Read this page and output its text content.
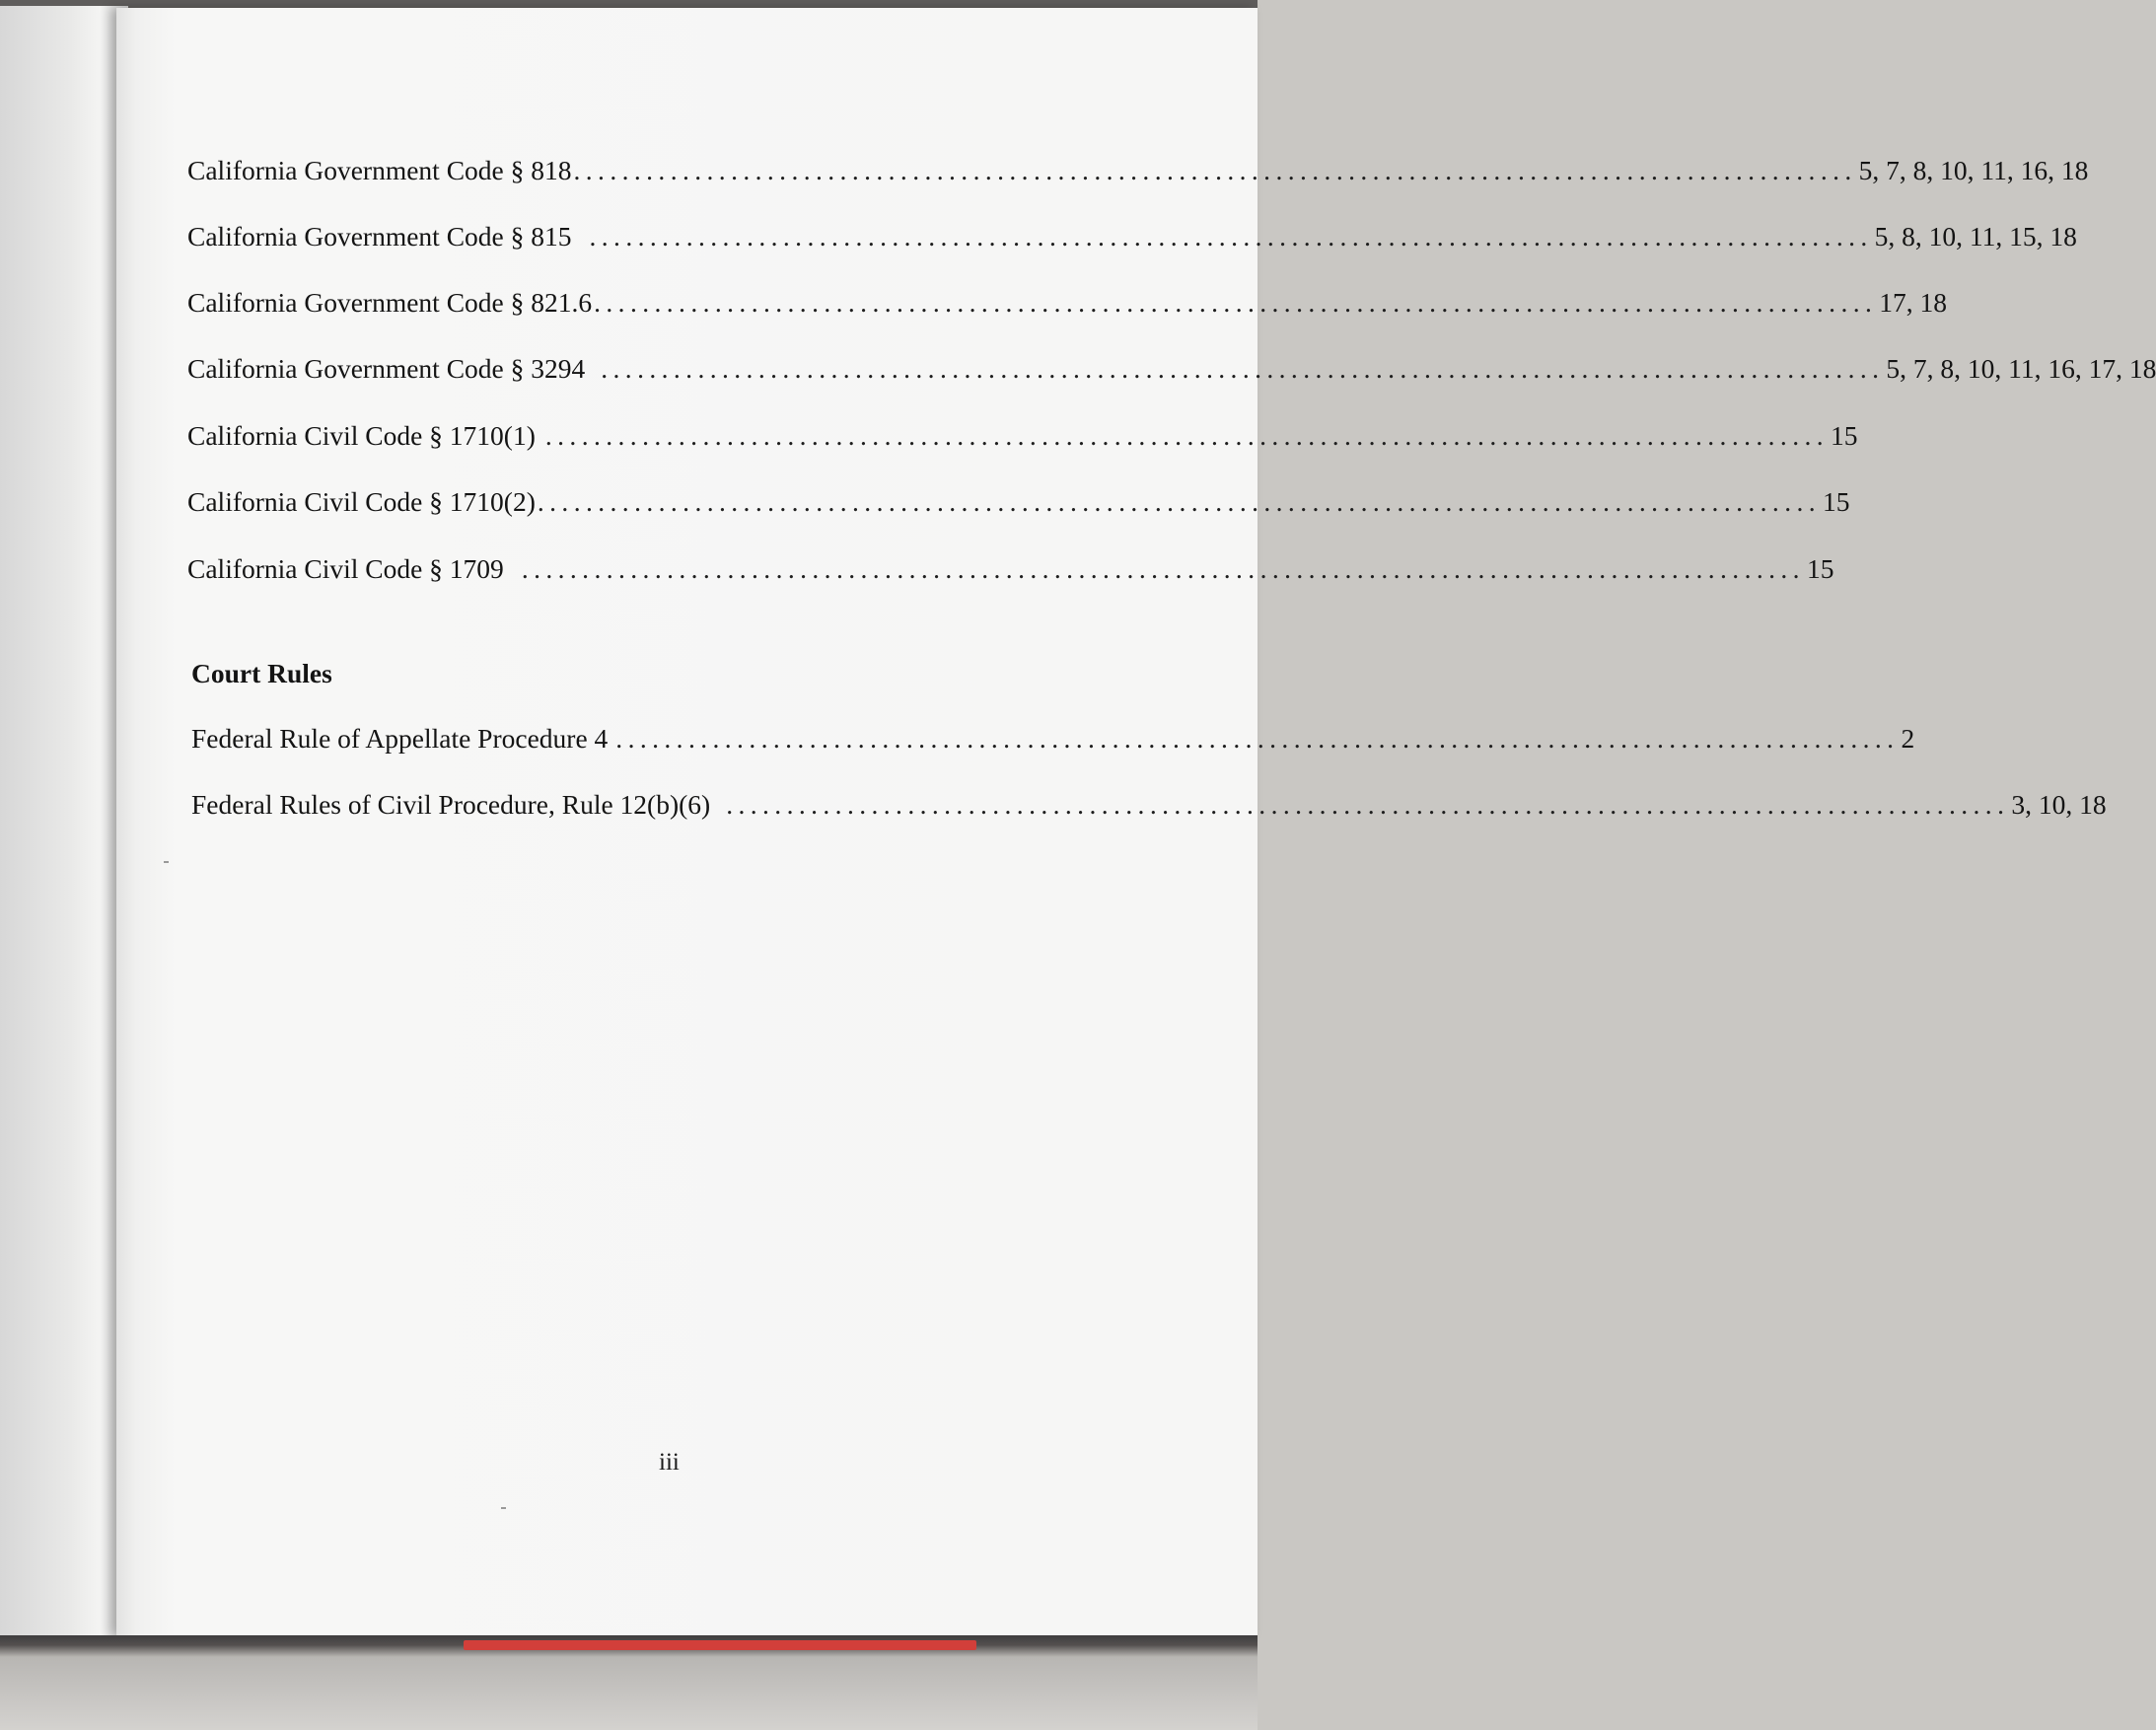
California Government Code § 818 .......................................................................................................... 5, 7, 8, 10, 11, 16, 18
California Government Code § 815 .......................................................................................................... 5, 8, 10, 11, 15, 18
California Government Code § 821.6 .......................................................................................................... 17, 18
California Government Code § 3294 .......................................................................................................... 5, 7, 8, 10, 11, 16, 17, 18
California Civil Code § 1710(1) .......................................................................................................... 15
California Civil Code § 1710(2) .......................................................................................................... 15
California Civil Code § 1709 .......................................................................................................... 15
Court Rules
Federal Rule of Appellate Procedure 4 .......................................................................................................... 2
Federal Rules of Civil Procedure, Rule 12(b)(6) .......................................................................................................... 3, 10, 18
iii
